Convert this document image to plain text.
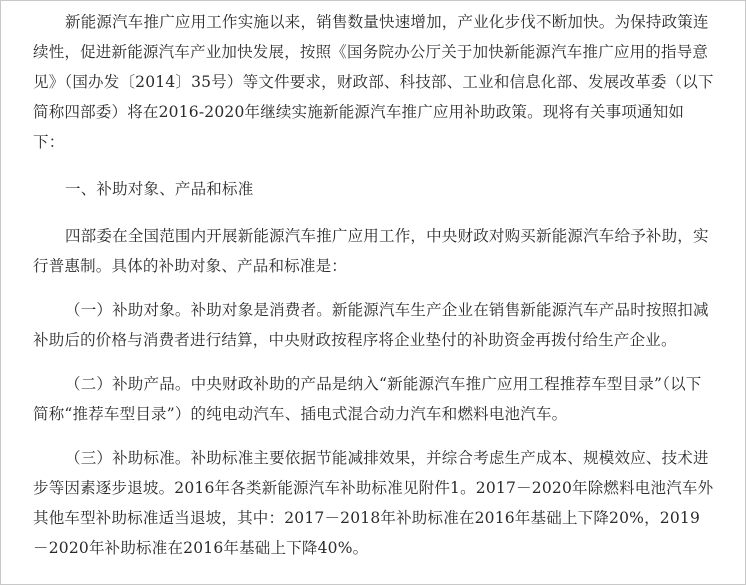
新能源汽车推广应用工作实施以来，销售数量快速增加，产业化步伐不断加快。为保持政策连续性，促进新能源汽车产业加快发展，按照《国务院办公厅关于加快新能源汽车推广应用的指导意见》（国办发〔2014〕35号）等文件要求，财政部、科技部、工业和信息化部、发展改革委（以下简称四部委）将在2016-2020年继续实施新能源汽车推广应用补助政策。现将有关事项通知如下：

一、补助对象、产品和标准

四部委在全国范围内开展新能源汽车推广应用工作，中央财政对购买新能源汽车给予补助，实行普惠制。具体的补助对象、产品和标准是：

（一）补助对象。补助对象是消费者。新能源汽车生产企业在销售新能源汽车产品时按照扣减补助后的价格与消费者进行结算，中央财政按程序将企业垫付的补助资金再拨付给生产企业。

（二）补助产品。中央财政补助的产品是纳入“新能源汽车推广应用工程推荐车型目录”（以下简称“推荐车型目录”）的纯电动汽车、插电式混合动力汽车和燃料电池汽车。

（三）补助标准。补助标准主要依据节能减排效果，并综合考虑生产成本、规模效应、技术进步等因素逐步退坡。2016年各类新能源汽车补助标准见附件1。2017－2020年除燃料电池汽车外其他车型补助标准适当退坡，其中：2017－2018年补助标准在2016年基础上下降20%，2019－2020年补助标准在2016年基础上下降40%。
